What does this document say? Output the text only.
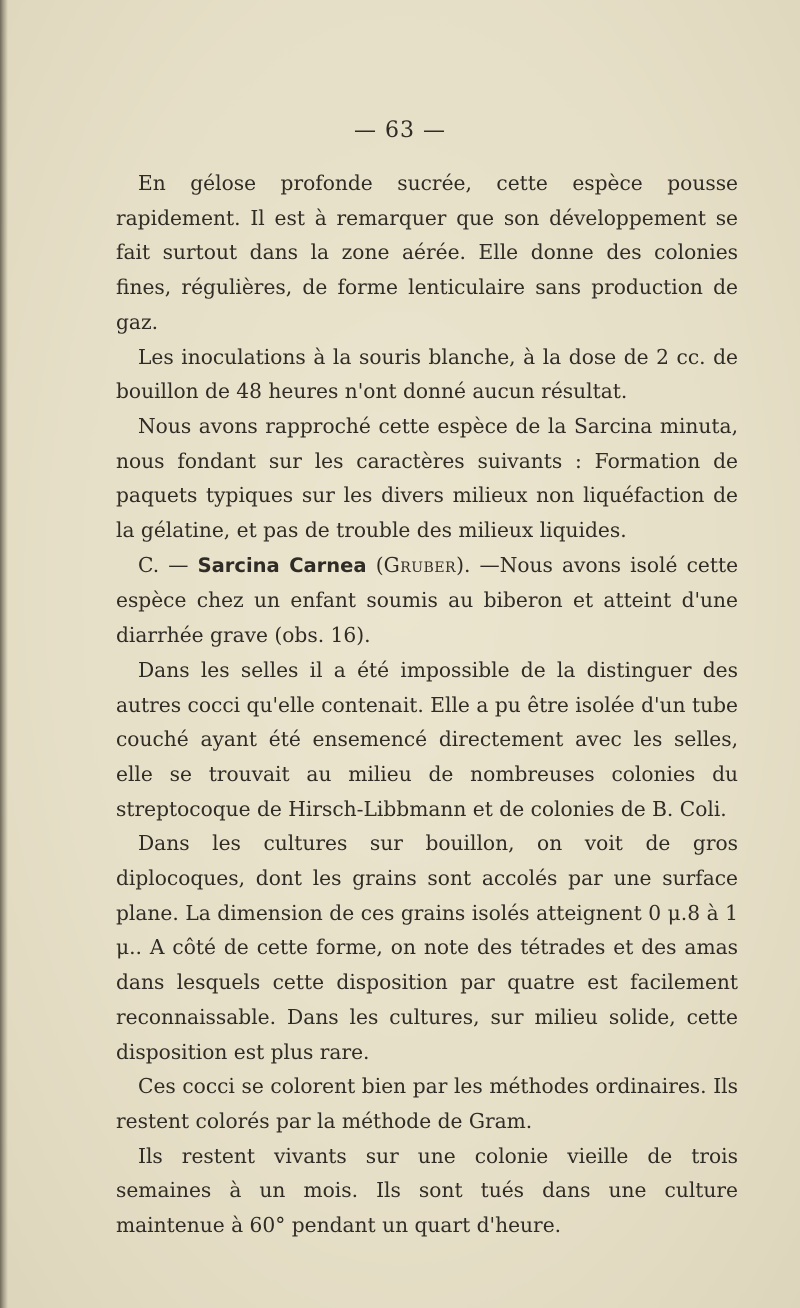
— 63 —

En gélose profonde sucrée, cette espèce pousse rapidement. Il est à remarquer que son développement se fait surtout dans la zone aérée. Elle donne des colonies fines, régulières, de forme lenticulaire sans production de gaz.

Les inoculations à la souris blanche, à la dose de 2 cc. de bouillon de 48 heures n'ont donné aucun résultat.

Nous avons rapproché cette espèce de la Sarcina minuta, nous fondant sur les caractères suivants : Formation de paquets typiques sur les divers milieux non liquéfaction de la gélatine, et pas de trouble des milieux liquides.

C. — Sarcina Carnea (Gruber). —Nous avons isolé cette espèce chez un enfant soumis au biberon et atteint d'une diarrhée grave (obs. 16).

Dans les selles il a été impossible de la distinguer des autres cocci qu'elle contenait. Elle a pu être isolée d'un tube couché ayant été ensemencé directement avec les selles, elle se trouvait au milieu de nombreuses colonies du streptocoque de Hirsch-Libbmann et de colonies de B. Coli.

Dans les cultures sur bouillon, on voit de gros diplocoques, dont les grains sont accolés par une surface plane. La dimension de ces grains isolés atteignent 0 μ.8 à 1 μ.. A côté de cette forme, on note des tétrades et des amas dans lesquels cette disposition par quatre est facilement reconnaissable. Dans les cultures, sur milieu solide, cette disposition est plus rare.

Ces cocci se colorent bien par les méthodes ordinaires. Ils restent colorés par la méthode de Gram.

Ils restent vivants sur une colonie vieille de trois semaines à un mois. Ils sont tués dans une culture maintenue à 60° pendant un quart d'heure.
